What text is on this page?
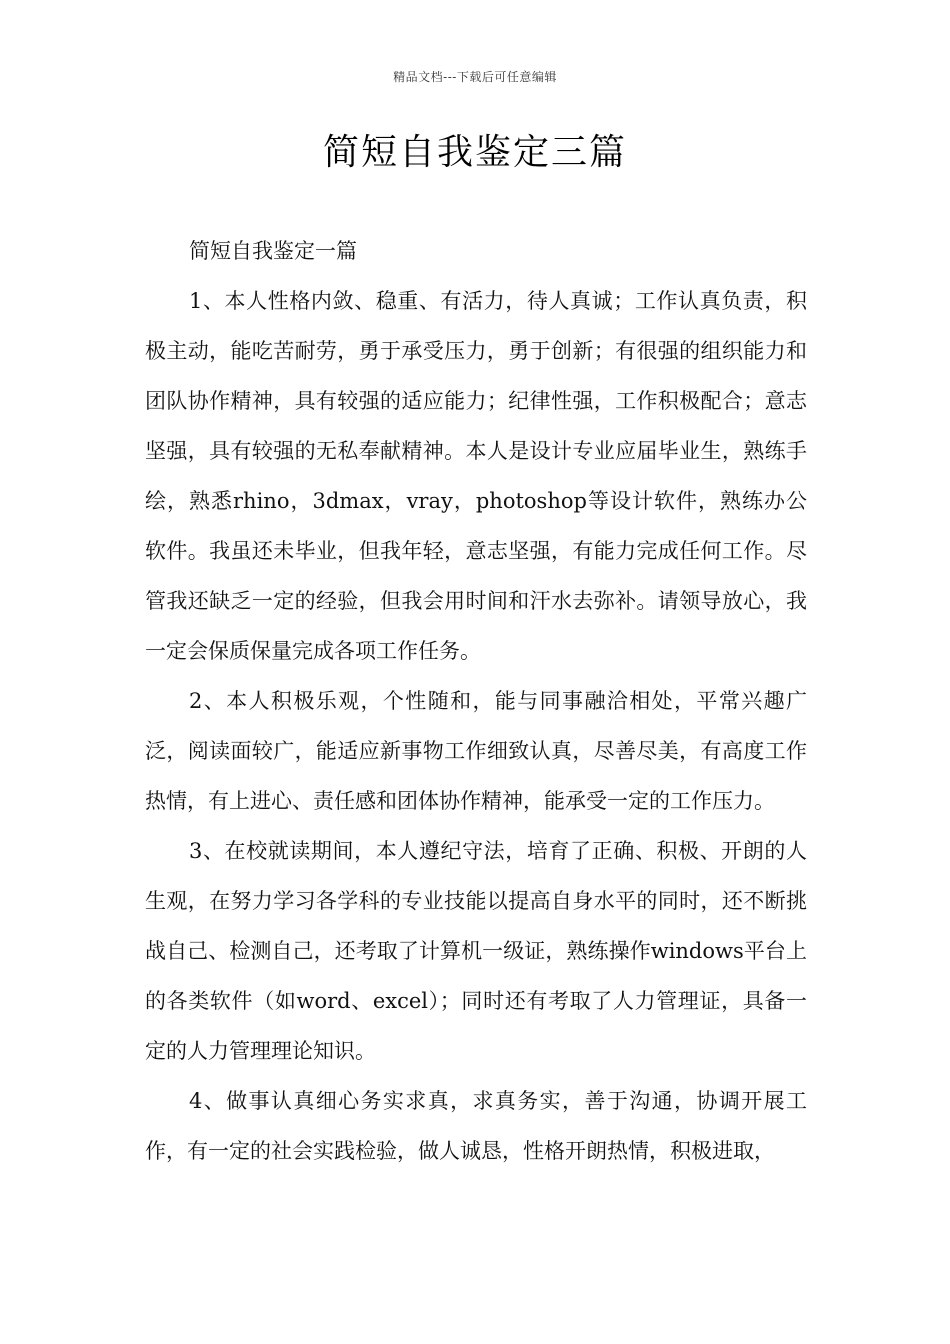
精品文档---下载后可任意编辑
简短自我鉴定三篇

简短自我鉴定一篇

1、本人性格内敛、稳重、有活力，待人真诚；工作认真负责，积极主动，能吃苦耐劳，勇于承受压力，勇于创新；有很强的组织能力和团队协作精神，具有较强的适应能力；纪律性强，工作积极配合；意志坚强，具有较强的无私奉献精神。本人是设计专业应届毕业生，熟练手绘，熟悉rhino，3dmax，vray，photoshop等设计软件，熟练办公软件。我虽还未毕业，但我年轻，意志坚强，有能力完成任何工作。尽管我还缺乏一定的经验，但我会用时间和汗水去弥补。请领导放心，我一定会保质保量完成各项工作任务。

2、本人积极乐观，个性随和，能与同事融洽相处，平常兴趣广泛，阅读面较广，能适应新事物工作细致认真，尽善尽美，有高度工作热情，有上进心、责任感和团体协作精神，能承受一定的工作压力。

3、在校就读期间，本人遵纪守法，培育了正确、积极、开朗的人生观，在努力学习各学科的专业技能以提高自身水平的同时，还不断挑战自己、检测自己，还考取了计算机一级证，熟练操作windows平台上的各类软件（如word、excel）；同时还有考取了人力管理证，具备一定的人力管理理论知识。

4、做事认真细心务实求真，求真务实，善于沟通，协调开展工作，有一定的社会实践检验，做人诚恳，性格开朗热情，积极进取，
